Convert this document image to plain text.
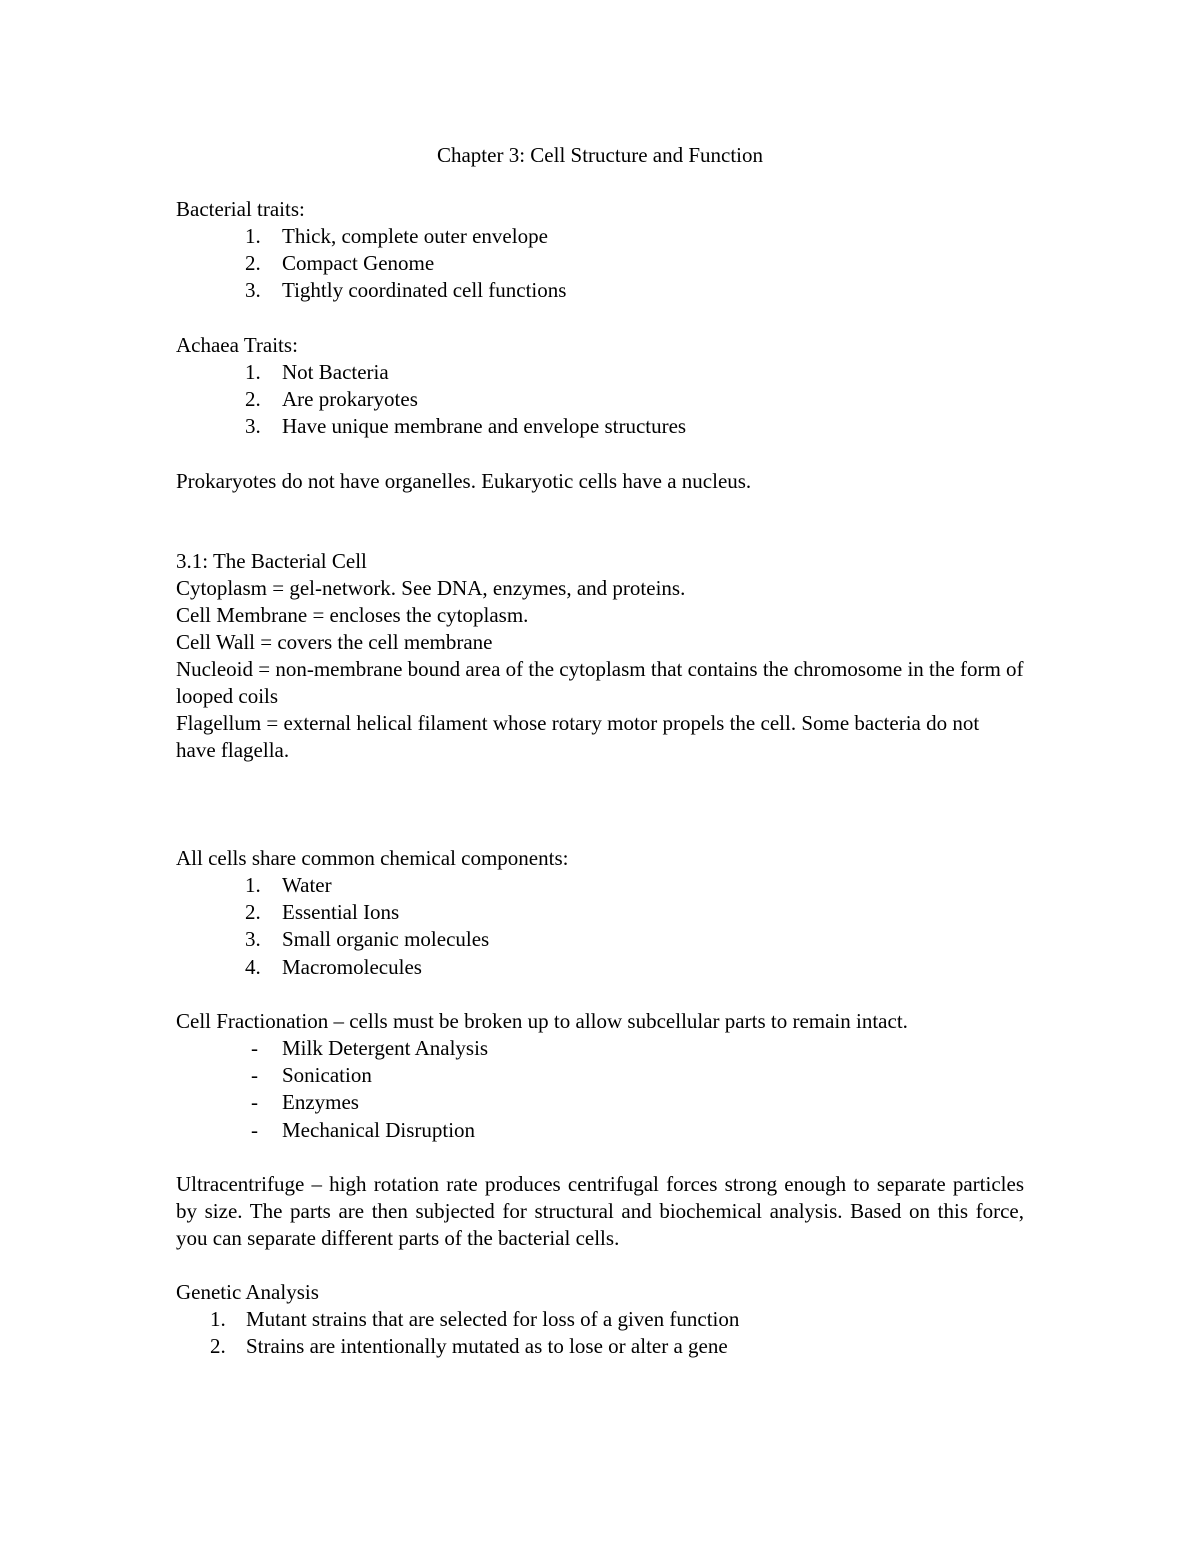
Chapter 3: Cell Structure and Function
Bacterial traits:
1. Thick, complete outer envelope
2. Compact Genome
3. Tightly coordinated cell functions
Achaea Traits:
1. Not Bacteria
2. Are prokaryotes
3. Have unique membrane and envelope structures
Prokaryotes do not have organelles. Eukaryotic cells have a nucleus.
3.1: The Bacterial Cell
Cytoplasm = gel-network. See DNA, enzymes, and proteins.
Cell Membrane = encloses the cytoplasm.
Cell Wall = covers the cell membrane
Nucleoid = non-membrane bound area of the cytoplasm that contains the chromosome in the form of looped coils
Flagellum = external helical filament whose rotary motor propels the cell. Some bacteria do not have flagella.
All cells share common chemical components:
1. Water
2. Essential Ions
3. Small organic molecules
4. Macromolecules
Cell Fractionation – cells must be broken up to allow subcellular parts to remain intact.
- Milk Detergent Analysis
- Sonication
- Enzymes
- Mechanical Disruption
Ultracentrifuge – high rotation rate produces centrifugal forces strong enough to separate particles by size. The parts are then subjected for structural and biochemical analysis. Based on this force, you can separate different parts of the bacterial cells.
Genetic Analysis
1. Mutant strains that are selected for loss of a given function
2. Strains are intentionally mutated as to lose or alter a gene
